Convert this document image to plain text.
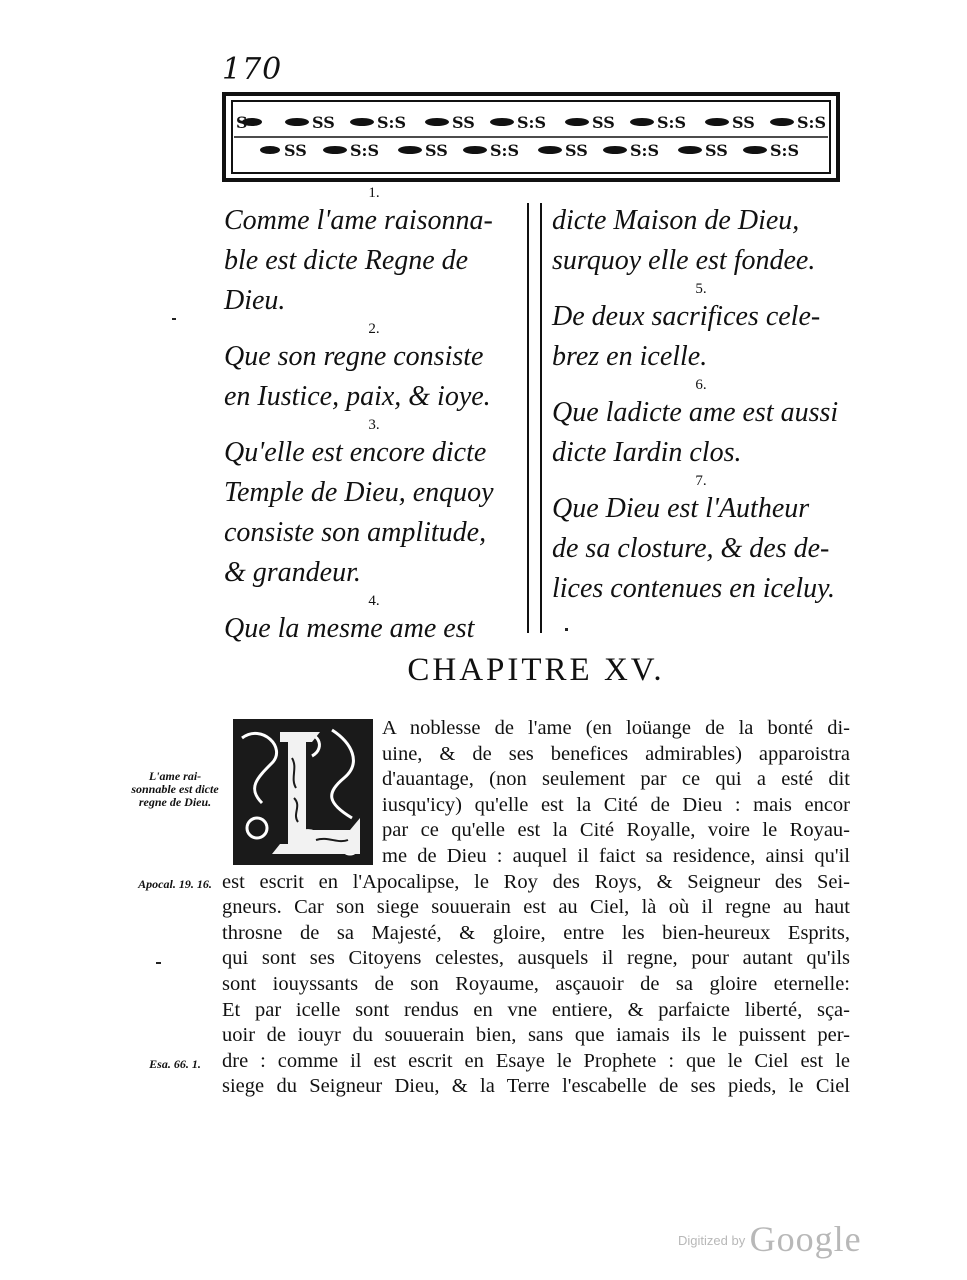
170
S	SS	S:S	SS	S:S	SS	S:S	SS	S:S
SS	S:S	SS	S:S	SS	S:S	SS	S:S
1.
Comme l'ame raisonna-
ble est dicte Regne de
Dieu.
2.
Que son regne consiste
en Iustice, paix, & ioye.
3.
Qu'elle est encore dicte
Temple de Dieu, enquoy
consiste son amplitude,
& grandeur.
4.
Que la mesme ame est
dicte Maison de Dieu,
surquoy elle est fondee.
5.
De deux sacrifices cele-
brez en icelle.
6.
Que ladicte ame est aussi
dicte Iardin clos.
7.
Que Dieu est l'Autheur
de sa closture, & des de-
lices contenues en iceluy.
CHAPITRE XV.
L'ame rai- sonnable est dicte regne de Dieu.
Apocal. 19. 16.
Esa. 66. 1.
A noblesse de l'ame (en loüange de la bonté di-
uine, & de ses benefices admirables) apparoistra
d'auantage, (non seulement par ce qui a esté dit
iusqu'icy) qu'elle est la Cité de Dieu : mais encor
par ce qu'elle est la Cité Royalle, voire le Royau-
me de Dieu : auquel il faict sa residence, ainsi qu'il
est escrit en l'Apocalipse, le Roy des Roys, & Seigneur des Sei-
gneurs. Car son siege souuerain est au Ciel, là où il regne au haut
throsne de sa Majesté, & gloire, entre les bien-heureux Esprits,
qui sont ses Citoyens celestes, ausquels il regne, pour autant qu'ils
sont iouyssants de son Royaume, asçauoir de sa gloire eternelle:
Et par icelle sont rendus en vne entiere, & parfaicte liberté, sça-
uoir de iouyr du souuerain bien, sans que iamais ils le puissent per-
dre : comme il est escrit en Esaye le Prophete : que le Ciel est le
siege du Seigneur Dieu, & la Terre l'escabelle de ses pieds, le Ciel
$^{Digitized by}$ Google
